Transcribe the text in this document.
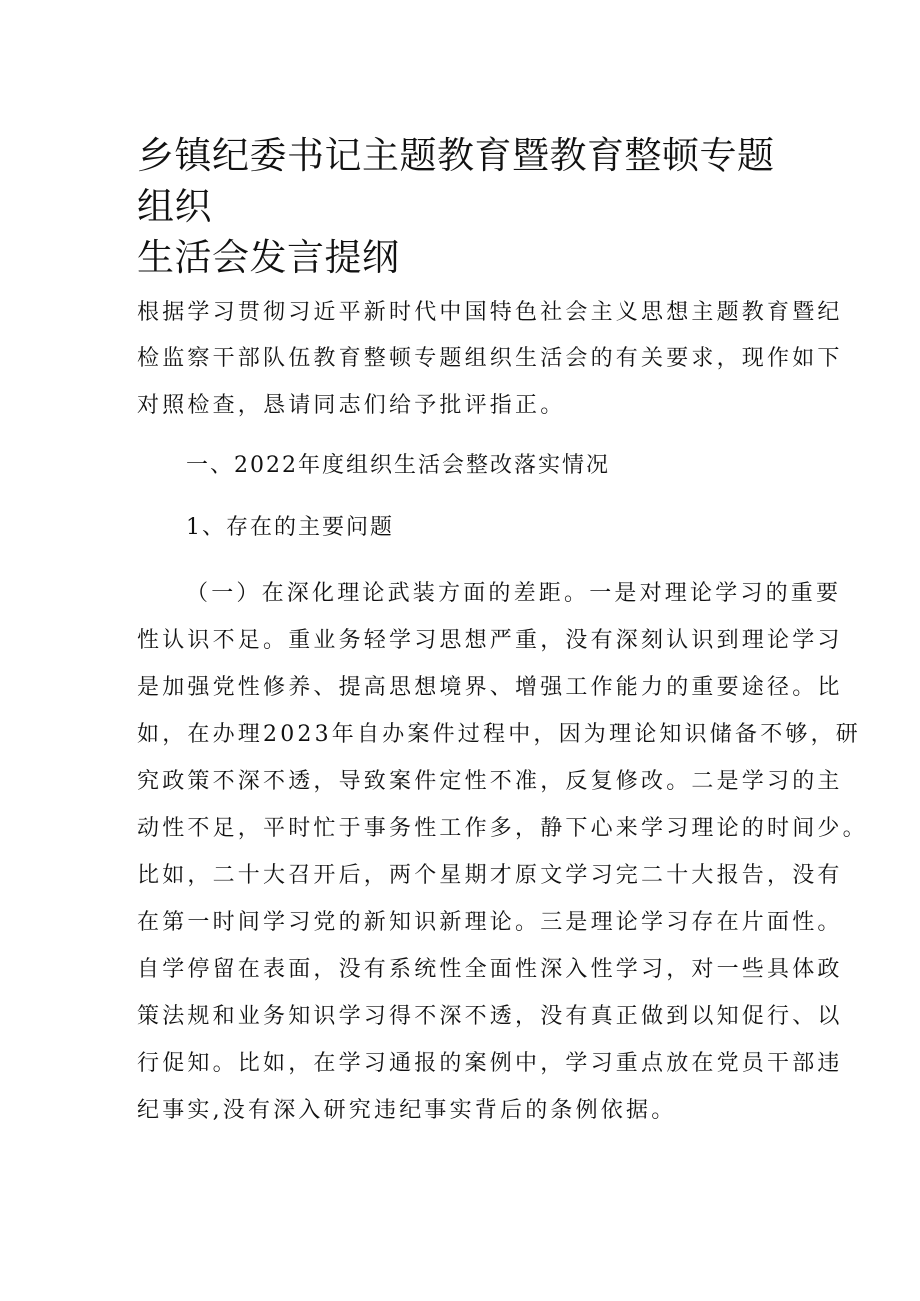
乡镇纪委书记主题教育暨教育整顿专题组织
生活会发言提纲
根据学习贯彻习近平新时代中国特色社会主义思想主题教育暨纪
检监察干部队伍教育整顿专题组织生活会的有关要求，现作如下
对照检查，恳请同志们给予批评指正。
一、2022年度组织生活会整改落实情况
1、存在的主要问题
（一）在深化理论武装方面的差距。一是对理论学习的重要
性认识不足。重业务轻学习思想严重，没有深刻认识到理论学习
是加强党性修养、提高思想境界、增强工作能力的重要途径。比
如，在办理2023年自办案件过程中，因为理论知识储备不够，研
究政策不深不透，导致案件定性不准，反复修改。二是学习的主
动性不足，平时忙于事务性工作多，静下心来学习理论的时间少。
比如，二十大召开后，两个星期才原文学习完二十大报告，没有
在第一时间学习党的新知识新理论。三是理论学习存在片面性。
自学停留在表面，没有系统性全面性深入性学习，对一些具体政
策法规和业务知识学习得不深不透，没有真正做到以知促行、以
行促知。比如，在学习通报的案例中，学习重点放在党员干部违
纪事实,没有深入研究违纪事实背后的条例依据。
